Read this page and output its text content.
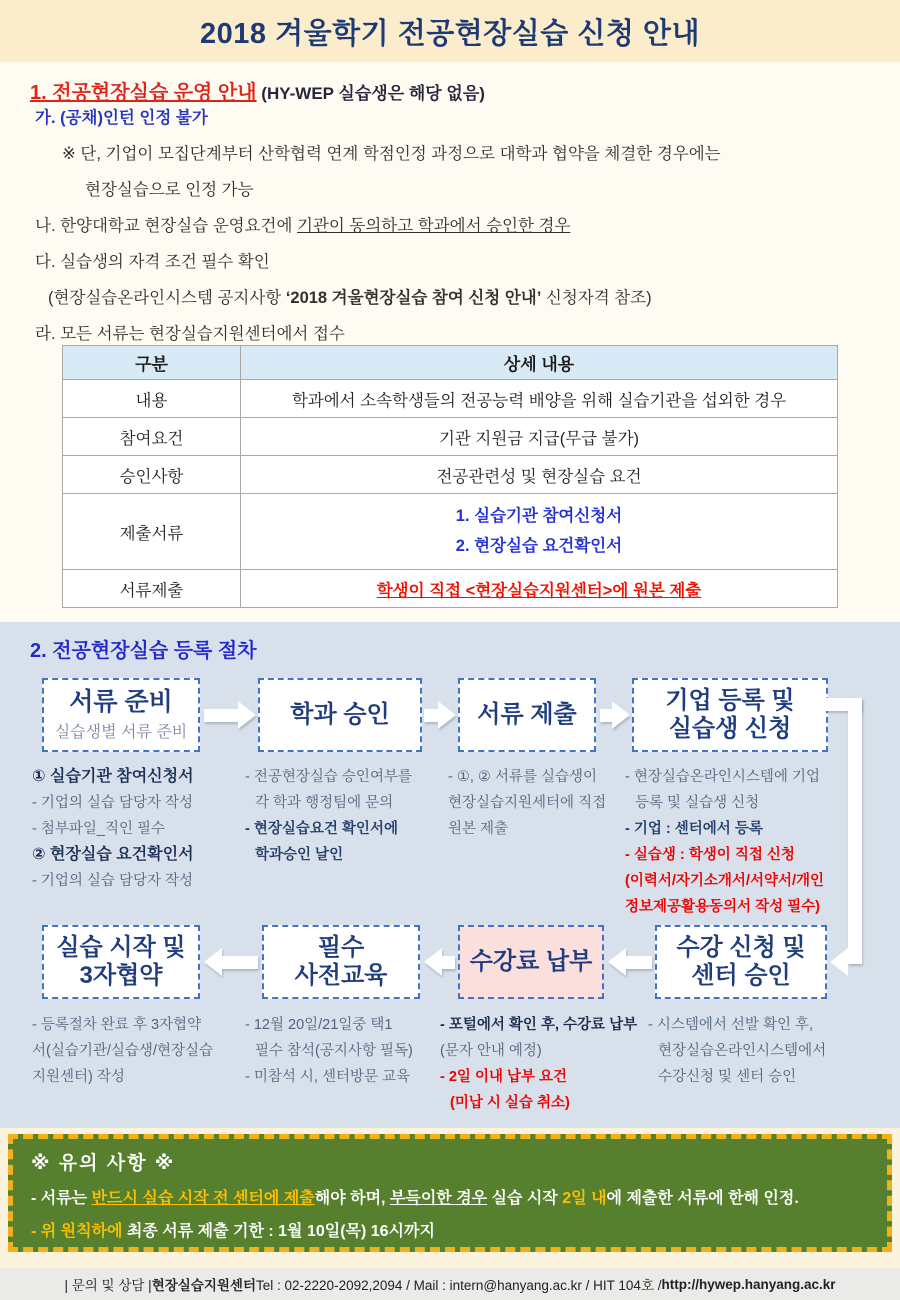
2018 겨울학기 전공현장실습 신청 안내
1. 전공현장실습 운영 안내 (HY-WEP 실습생은 해당 없음)
가. (공채)인턴 인정 불가
※ 단, 기업이 모집단계부터 산학협력 연계 학점인정 과정으로 대학과 협약을 체결한 경우에는
현장실습으로 인정 가능
나. 한양대학교 현장실습 운영요건에 기관이 동의하고 학과에서 승인한 경우
다. 실습생의 자격 조건 필수 확인
(현장실습온라인시스템 공지사항 ‘2018 겨울현장실습 참여 신청 안내’ 신청자격 참조)
라. 모든 서류는 현장실습지원센터에서 접수
구분	상세 내용
내용	학과에서 소속학생들의 전공능력 배양을 위해 실습기관을 섭외한 경우
참여요건	기관 지원금 지급(무급 불가)
승인사항	전공관련성 및 현장실습 요건
제출서류	1. 실습기관 참여신청서
2. 현장실습 요건확인서

서류제출	학생이 직접 <현장실습지원센터>에 원본 제출
2. 전공현장실습 등록 절차
서류 준비
실습생별 서류 준비
학과 승인	서류 제출
기업 등록 및
실습생 신청
① 실습기관 참여신청서
- 기업의 실습 담당자 작성
- 첨부파일_직인 필수
② 현장실습 요건확인서
- 기업의 실습 담당자 작성
- 전공현장실습 승인여부를
각 학과 행정팀에 문의
- 현장실습요건 확인서에
학과승인 날인
- ①, ② 서류를 실습생이
현장실습지원세터에 직접
원본 제출
- 현장실습온라인시스템에 기업
등록 및 실습생 신청
- 기업 : 센터에서 등록
- 실습생 : 학생이 직접 신청
(이력서/자기소개서/서약서/개인
정보제공활용동의서 작성 필수)
실습 시작 및
3자협약
필수
사전교육
수강료 납부
수강 신청 및
센터 승인
- 등록절차 완료 후 3자협약
서(실습기관/실습생/현장실습
지원센터) 작성
- 12월 20일/21일중 택1
필수 참석(공지사항 필독)
- 미참석 시, 센터방문 교육
- 포털에서 확인 후, 수강료 납부
(문자 안내 예정)
- 2일 이내 납부 요건
(미납 시 실습 취소)
- 시스템에서 선발 확인 후,
현장실습온라인시스템에서
수강신청 및 센터 승인
※ 유의 사항 ※
- 서류는 반드시 실습 시작 전 센터에 제출해야 하며, 부득이한 경우 실습 시작 2일 내에 제출한 서류에 한해 인정.
- 위 원칙하에 최종 서류 제출 기한 : 1월 10일(목) 16시까지
| 문의 및 상담 | 현장실습지원센터 Tel : 02-2220-2092,2094 / Mail : intern@hanyang.ac.kr / HIT 104호 / http://hywep.hanyang.ac.kr
